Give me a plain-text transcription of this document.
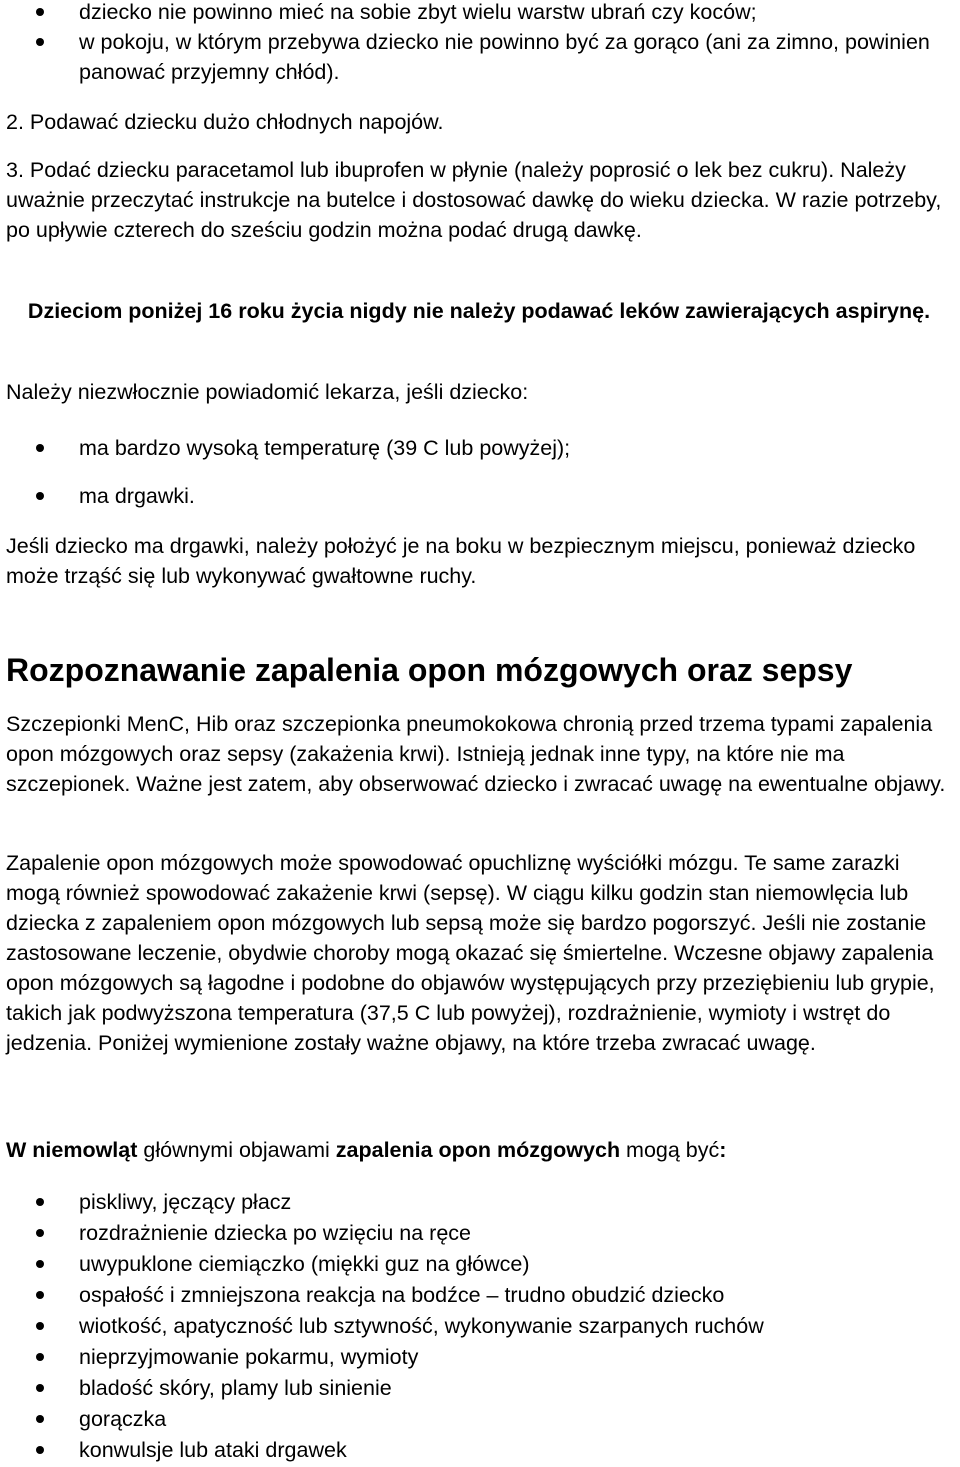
dziecko nie powinno mieć na sobie zbyt wielu warstw ubrań czy koców;
w pokoju, w którym przebywa dziecko nie powinno być za gorąco (ani za zimno, powinien panować przyjemny chłód).

2. Podawać dziecku dużo chłodnych napojów.

3. Podać dziecku paracetamol lub ibuprofen w płynie (należy poprosić o lek bez cukru). Należy uważnie przeczytać instrukcje na butelce i dostosować dawkę do wieku dziecka. W razie potrzeby, po upływie czterech do sześciu godzin można podać drugą dawkę.

Dzieciom poniżej 16 roku życia nigdy nie należy podawać leków zawierających aspirynę.

Należy niezwłocznie powiadomić lekarza, jeśli dziecko:

ma bardzo wysoką temperaturę (39 C lub powyżej);
ma drgawki.

Jeśli dziecko ma drgawki, należy położyć je na boku w bezpiecznym miejscu, ponieważ dziecko może trząść się lub wykonywać gwałtowne ruchy.

Rozpoznawanie zapalenia opon mózgowych oraz sepsy

Szczepionki MenC, Hib oraz szczepionka pneumokokowa chronią przed trzema typami zapalenia opon mózgowych oraz sepsy (zakażenia krwi). Istnieją jednak inne typy, na które nie ma szczepionek. Ważne jest zatem, aby obserwować dziecko i zwracać uwagę na ewentualne objawy.

Zapalenie opon mózgowych może spowodować opuchliznę wyściółki mózgu. Te same zarazki mogą również spowodować zakażenie krwi (sepsę). W ciągu kilku godzin stan niemowlęcia lub dziecka z zapaleniem opon mózgowych lub sepsą może się bardzo pogorszyć. Jeśli nie zostanie zastosowane leczenie, obydwie choroby mogą okazać się śmiertelne. Wczesne objawy zapalenia opon mózgowych są łagodne i podobne do objawów występujących przy przeziębieniu lub grypie, takich jak podwyższona temperatura (37,5 C lub powyżej), rozdrażnienie, wymioty i wstręt do jedzenia. Poniżej wymienione zostały ważne objawy, na które trzeba zwracać uwagę.

W niemowląt głównymi objawami zapalenia opon mózgowych mogą być:

piskliwy, jęczący płacz
rozdrażnienie dziecka po wzięciu na ręce
uwypuklone ciemiączko (miękki guz na główce)
ospałość i zmniejszona reakcja na bodźce – trudno obudzić dziecko
wiotkość, apatyczność lub sztywność, wykonywanie szarpanych ruchów
nieprzyjmowanie pokarmu, wymioty
bladość skóry, plamy lub sinienie
gorączka
konwulsje lub ataki drgawek
